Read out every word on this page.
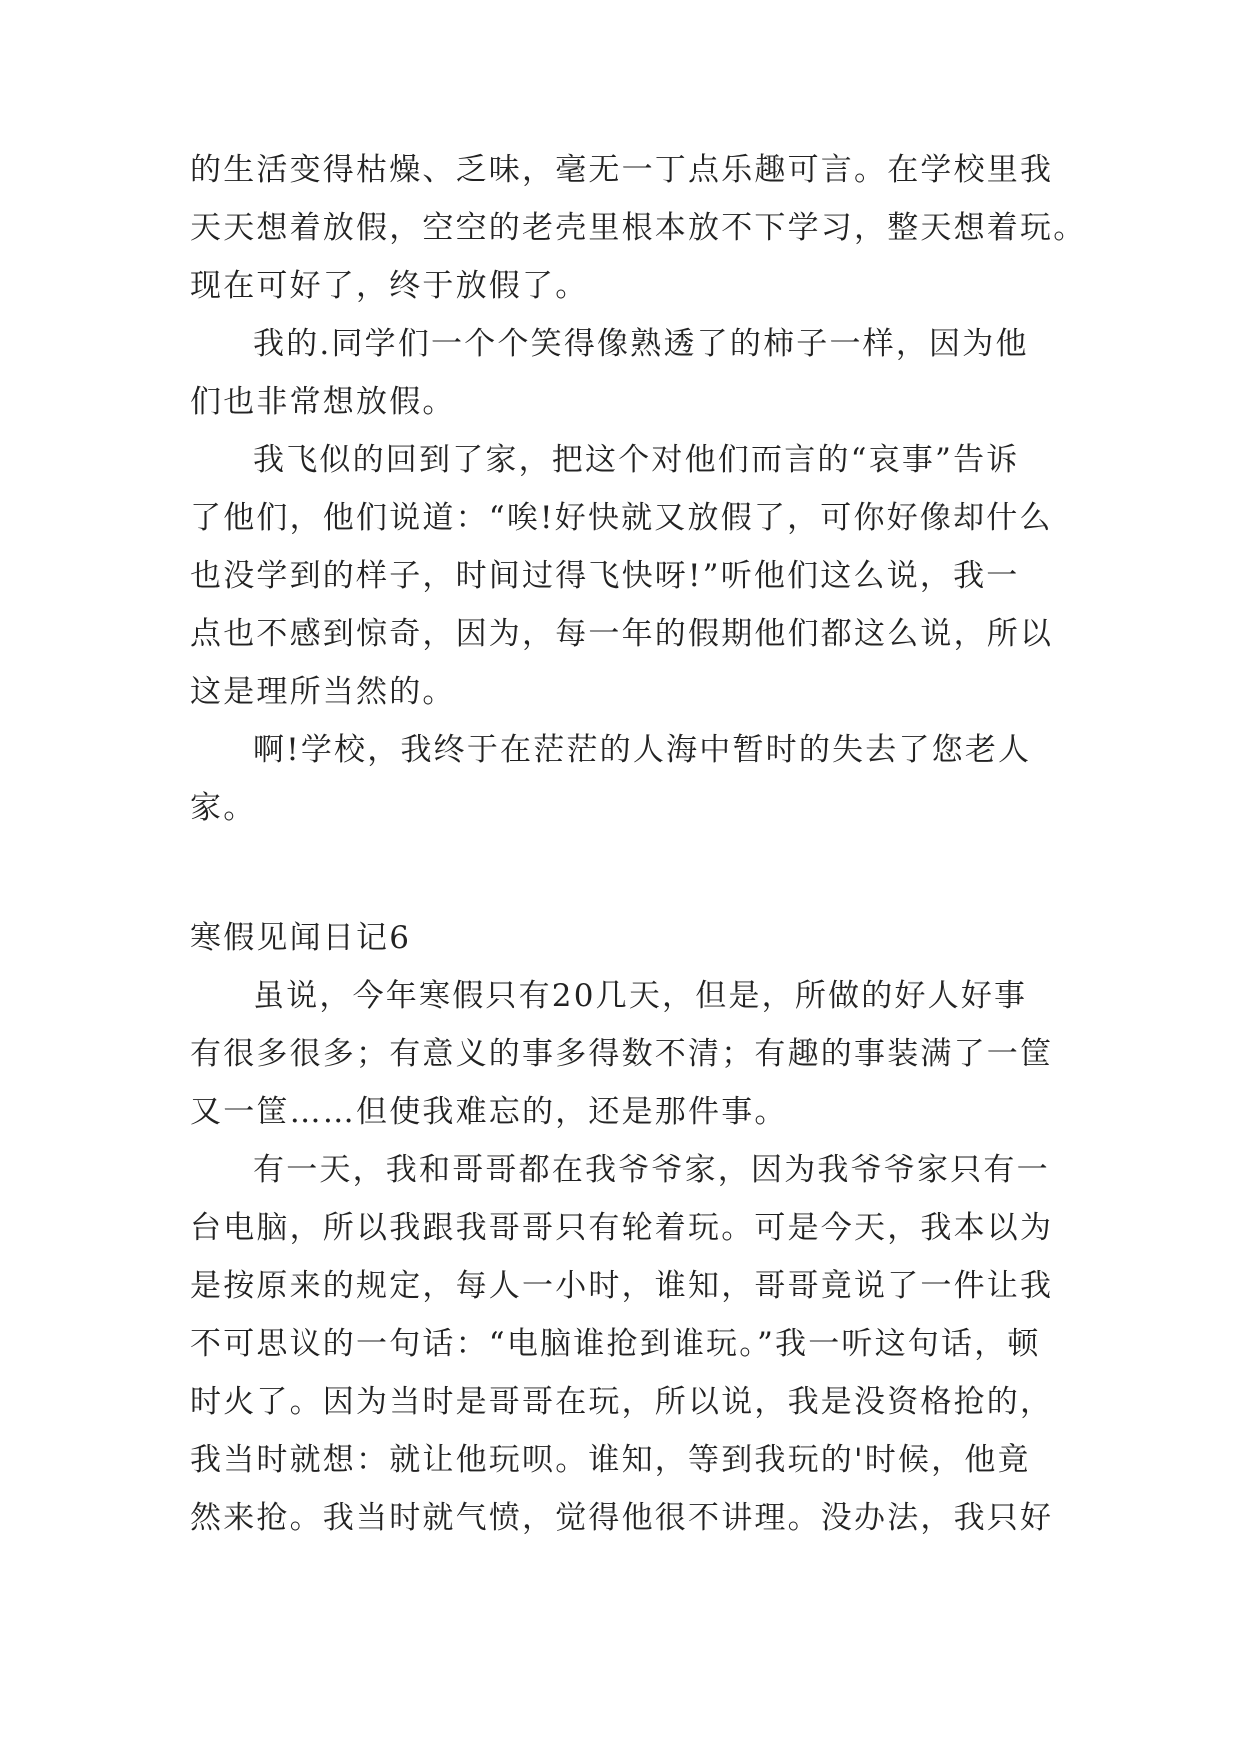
的生活变得枯燥、乏味，毫无一丁点乐趣可言。在学校里我
天天想着放假，空空的老壳里根本放不下学习，整天想着玩。
现在可好了，终于放假了。
我的.同学们一个个笑得像熟透了的柿子一样，因为他
们也非常想放假。
我飞似的回到了家，把这个对他们而言的“哀事”告诉
了他们，他们说道：“唉!好快就又放假了，可你好像却什么
也没学到的样子，时间过得飞快呀!”听他们这么说，我一
点也不感到惊奇，因为，每一年的假期他们都这么说，所以
这是理所当然的。
啊!学校，我终于在茫茫的人海中暂时的失去了您老人
家。
寒假见闻日记6
虽说，今年寒假只有20几天，但是，所做的好人好事
有很多很多；有意义的事多得数不清；有趣的事装满了一筐
又一筐……但使我难忘的，还是那件事。
有一天，我和哥哥都在我爷爷家，因为我爷爷家只有一
台电脑，所以我跟我哥哥只有轮着玩。可是今天，我本以为
是按原来的规定，每人一小时，谁知，哥哥竟说了一件让我
不可思议的一句话：“电脑谁抢到谁玩。”我一听这句话，顿
时火了。因为当时是哥哥在玩，所以说，我是没资格抢的，
我当时就想：就让他玩呗。谁知，等到我玩的'时候，他竟
然来抢。我当时就气愤，觉得他很不讲理。没办法，我只好
